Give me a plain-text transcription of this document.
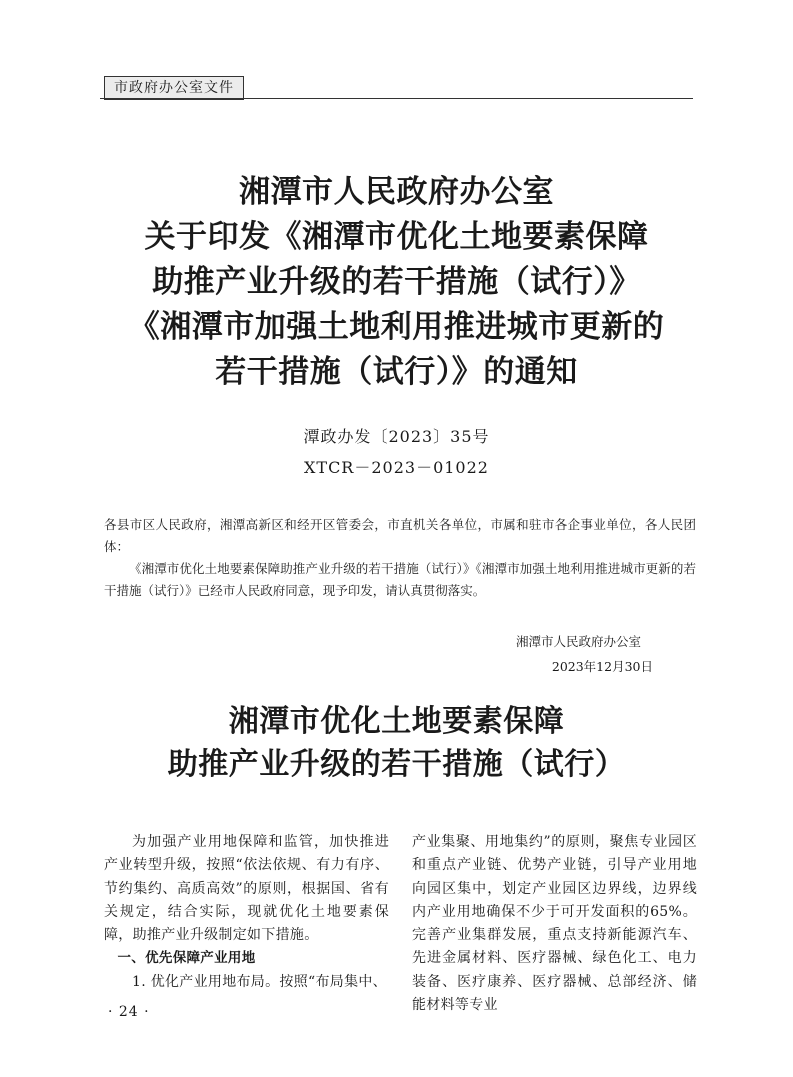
市政府办公室文件
湘潭市人民政府办公室
关于印发《湘潭市优化土地要素保障
助推产业升级的若干措施（试行）》
《湘潭市加强土地利用推进城市更新的
若干措施（试行）》的通知
潭政办发〔2023〕35号
XTCR－2023－01022

各县市区人民政府，湘潭高新区和经开区管委会，市直机关各单位，市属和驻市各企事业单位，各人民团体：

《湘潭市优化土地要素保障助推产业升级的若干措施（试行）》《湘潭市加强土地利用推进城市更新的若干措施（试行）》已经市人民政府同意，现予印发，请认真贯彻落实。

湘潭市人民政府办公室
2023年12月30日
湘潭市优化土地要素保障
助推产业升级的若干措施（试行）

为加强产业用地保障和监管，加快推进产业转型升级，按照“依法依规、有力有序、节约集约、高质高效”的原则，根据国、省有关规定，结合实际，现就优化土地要素保障，助推产业升级制定如下措施。

一、优先保障产业用地

1. 优化产业用地布局。按照“布局集中、

产业集聚、用地集约”的原则，聚焦专业园区和重点产业链、优势产业链，引导产业用地向园区集中，划定产业园区边界线，边界线内产业用地确保不少于可开发面积的65%。完善产业集群发展，重点支持新能源汽车、先进金属材料、医疗器械、绿色化工、电力装备、医疗康养、医疗器械、总部经济、储能材料等专业

· 24 ·
